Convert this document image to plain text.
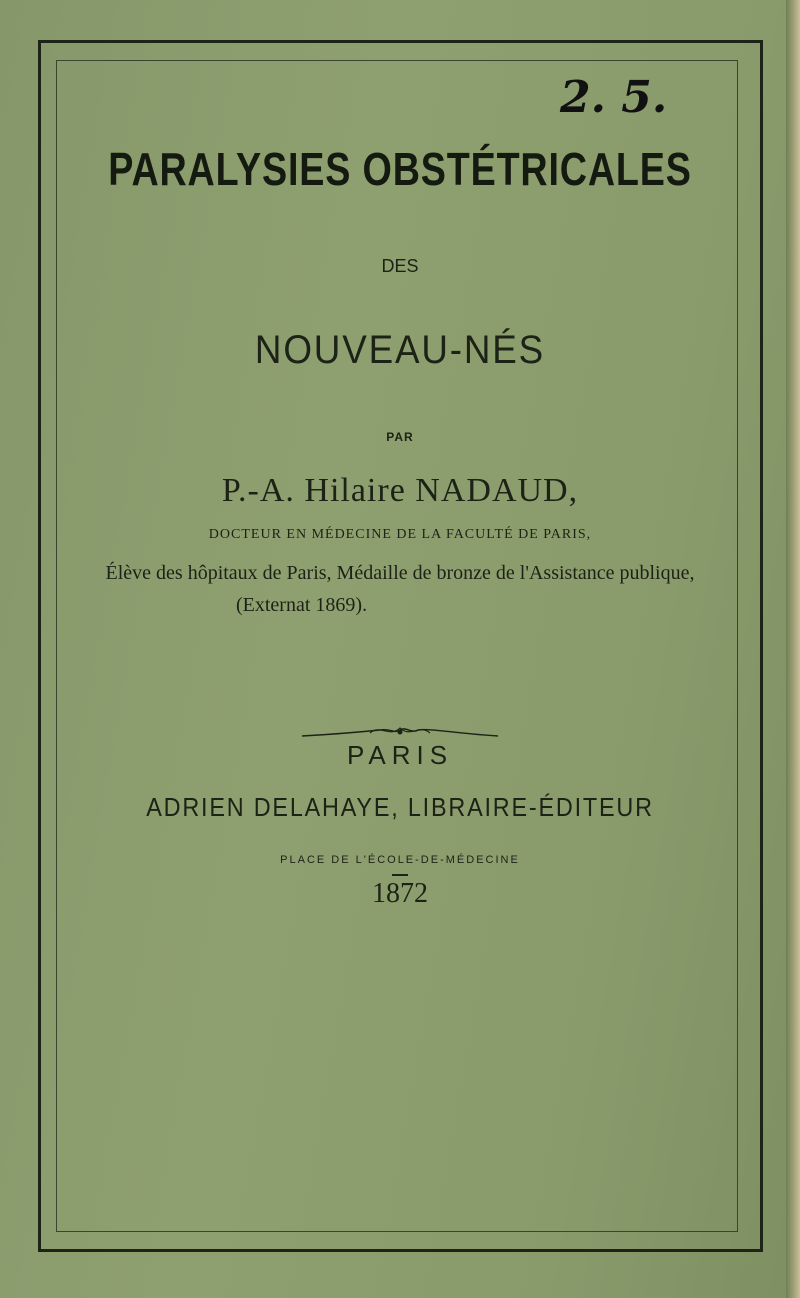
2. 5.
PARALYSIES OBSTÉTRICALES
DES
NOUVEAU-NÉS
PAR
P.-A. Hilaire NADAUD,
DOCTEUR EN MÉDECINE DE LA FACULTÉ DE PARIS,
Élève des hôpitaux de Paris, Médaille de bronze de l'Assistance publique,
(Externat 1869).
PARIS
ADRIEN DELAHAYE, LIBRAIRE-ÉDITEUR
PLACE DE L'ÉCOLE-DE-MÉDECINE
1872
